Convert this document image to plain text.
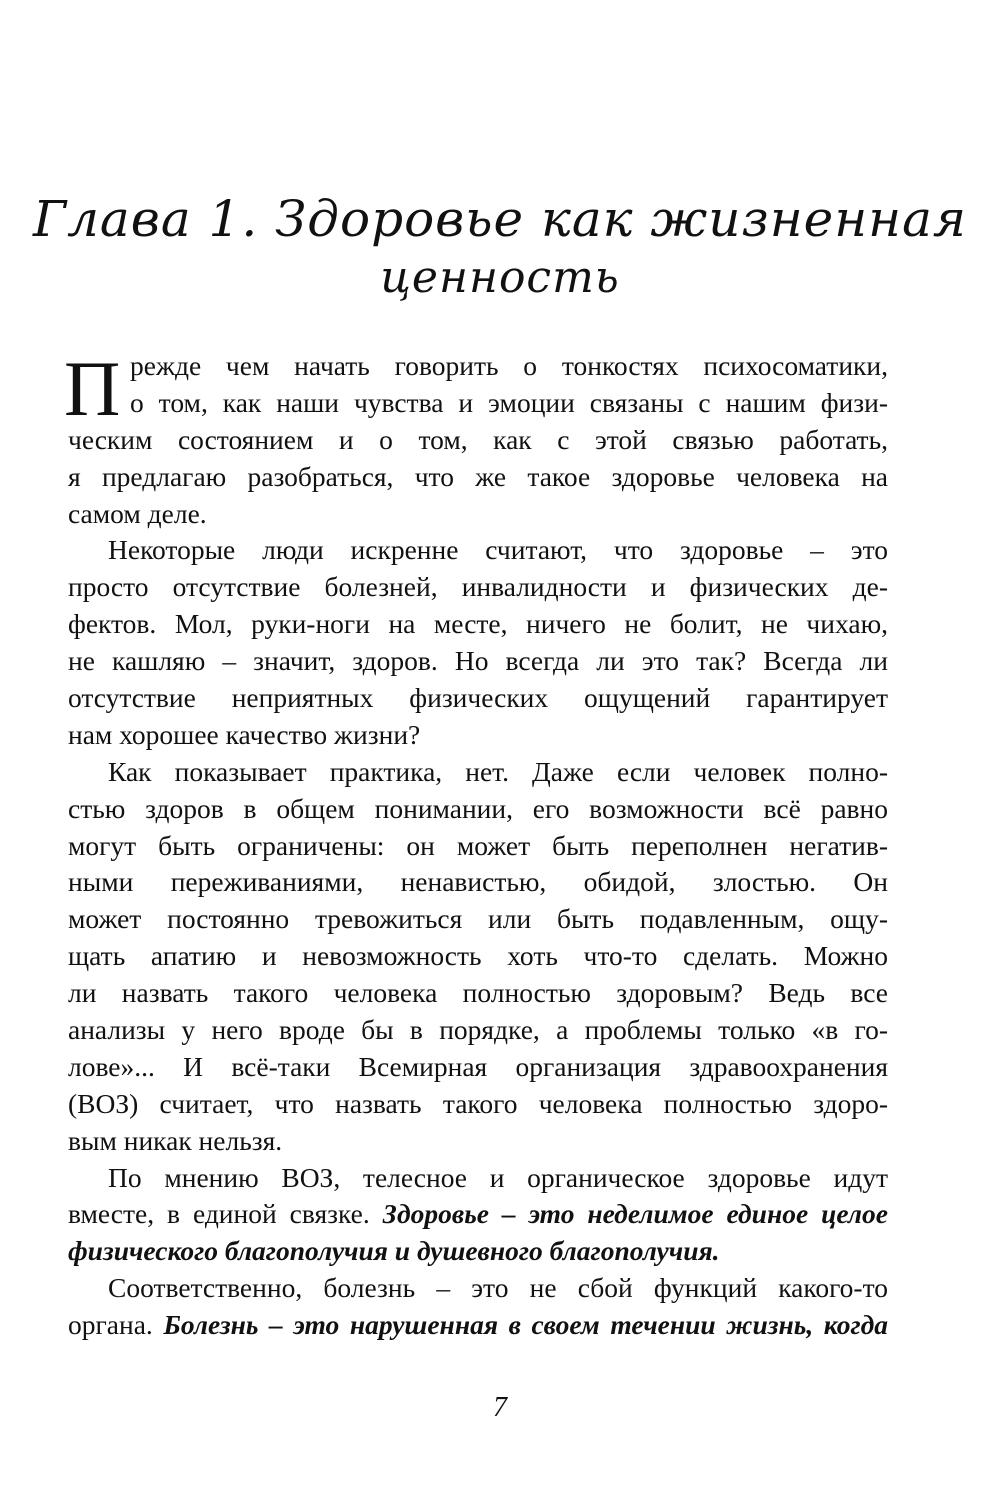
Глава 1. Здоровье как жизненная
ценность
П режде чем начать говорить о тонкостях психосоматики,
о том, как наши чувства и эмоции связаны с нашим физи-
ческим состоянием и о том, как с этой связью работать,
я предлагаю разобраться, что же такое здоровье человека на
самом деле.
Некоторые люди искренне считают, что здоровье – это
просто отсутствие болезней, инвалидности и физических де-
фектов. Мол, руки-ноги на месте, ничего не болит, не чихаю,
не кашляю – значит, здоров. Но всегда ли это так? Всегда ли
отсутствие неприятных физических ощущений гарантирует
нам хорошее качество жизни?
Как показывает практика, нет. Даже если человек полно-
стью здоров в общем понимании, его возможности всё равно
могут быть ограничены: он может быть переполнен негатив-
ными переживаниями, ненавистью, обидой, злостью. Он
может постоянно тревожиться или быть подавленным, ощу-
щать апатию и невозможность хоть что-то сделать. Можно
ли назвать такого человека полностью здоровым? Ведь все
анализы у него вроде бы в порядке, а проблемы только «в го-
лове»... И всё-таки Всемирная организация здравоохранения
(ВОЗ) считает, что назвать такого человека полностью здоро-
вым никак нельзя.
По мнению ВОЗ, телесное и органическое здоровье идут
вместе, в единой связке. Здоровье – это неделимое единое целое
физического благополучия и душевного благополучия.
Соответственно, болезнь – это не сбой функций какого-то
органа. Болезнь – это нарушенная в своем течении жизнь, когда
7
